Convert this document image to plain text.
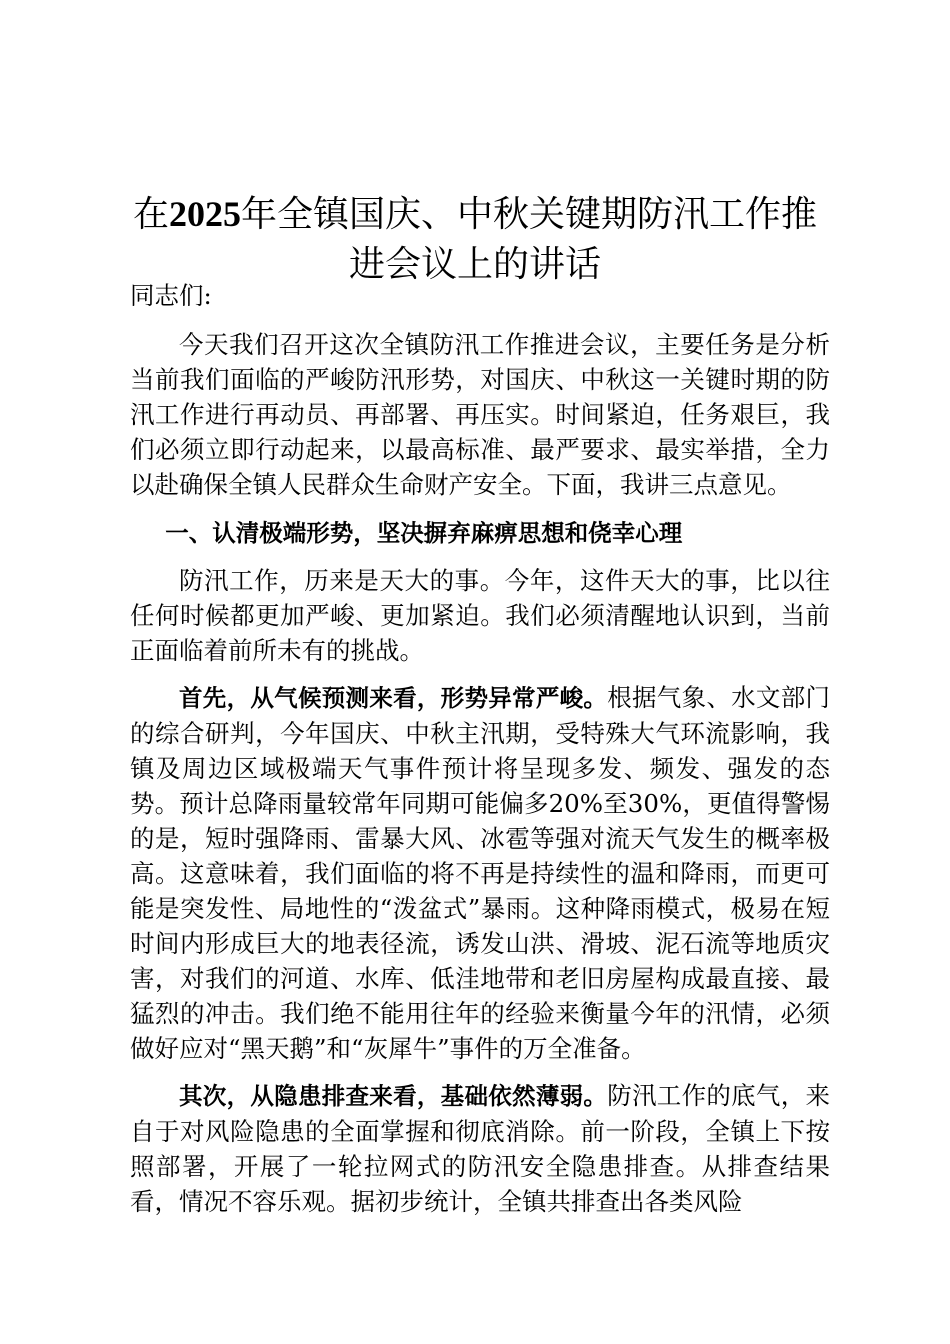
在2025年全镇国庆、中秋关键期防汛工作推
进会议上的讲话

同志们:

今天我们召开这次全镇防汛工作推进会议，主要任务是分析当前我们面临的严峻防汛形势，对国庆、中秋这一关键时期的防汛工作进行再动员、再部署、再压实。时间紧迫，任务艰巨，我们必须立即行动起来，以最高标准、最严要求、最实举措，全力以赴确保全镇人民群众生命财产安全。下面，我讲三点意见。

一、认清极端形势，坚决摒弃麻痹思想和侥幸心理

防汛工作，历来是天大的事。今年，这件天大的事，比以往任何时候都更加严峻、更加紧迫。我们必须清醒地认识到，当前正面临着前所未有的挑战。

首先，从气候预测来看，形势异常严峻。根据气象、水文部门的综合研判，今年国庆、中秋主汛期，受特殊大气环流影响，我镇及周边区域极端天气事件预计将呈现多发、频发、强发的态势。预计总降雨量较常年同期可能偏多20%至30%，更值得警惕的是，短时强降雨、雷暴大风、冰雹等强对流天气发生的概率极高。这意味着，我们面临的将不再是持续性的温和降雨，而更可能是突发性、局地性的“泼盆式”暴雨。这种降雨模式，极易在短时间内形成巨大的地表径流，诱发山洪、滑坡、泥石流等地质灾害，对我们的河道、水库、低洼地带和老旧房屋构成最直接、最猛烈的冲击。我们绝不能用往年的经验来衡量今年的汛情，必须做好应对“黑天鹅”和“灰犀牛”事件的万全准备。

其次，从隐患排查来看，基础依然薄弱。防汛工作的底气，来自于对风险隐患的全面掌握和彻底消除。前一阶段，全镇上下按照部署，开展了一轮拉网式的防汛安全隐患排查。从排查结果看，情况不容乐观。据初步统计，全镇共排查出各类风险
